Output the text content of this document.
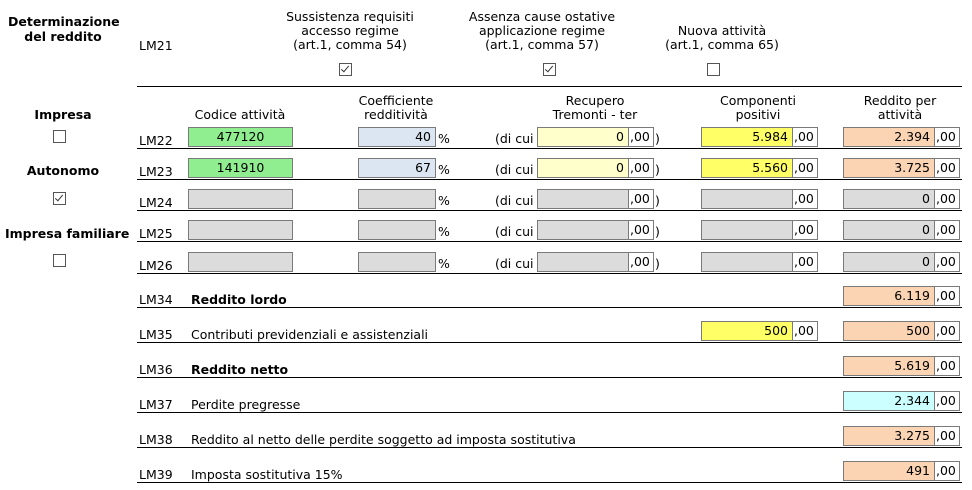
Determinazione
del reddito
Impresa
Autonomo
Impresa familiare
LM21
Sussistenza requisiti
accesso regime
(art.1, comma 54)
Assenza cause ostative
applicazione regime
(art.1, comma 57)
Nuova attività
(art.1, comma 65)
Codice attività
Coefficiente
redditività
Recupero
Tremonti - ter
Componenti
positivi
Reddito per
attività
LM22	477120	40 %	(di cui	0 ,00 )	5.984 ,00	2.394 ,00
LM23	141910	67 %	(di cui	0 ,00 )	5.560 ,00	3.725 ,00
LM24	%	(di cui	,00 )	,00	0 ,00
LM25	%	(di cui	,00 )	,00	0 ,00
LM26	%	(di cui	,00 )	,00	0 ,00
LM34 Reddito lordo	6.119 ,00
LM35 Contributi previdenziali e assistenziali	500 ,00	500 ,00
LM36 Reddito netto	5.619 ,00
LM37 Perdite pregresse	2.344 ,00
LM38 Reddito al netto delle perdite soggetto ad imposta sostitutiva	3.275 ,00
LM39 Imposta sostitutiva 15%	491 ,00
